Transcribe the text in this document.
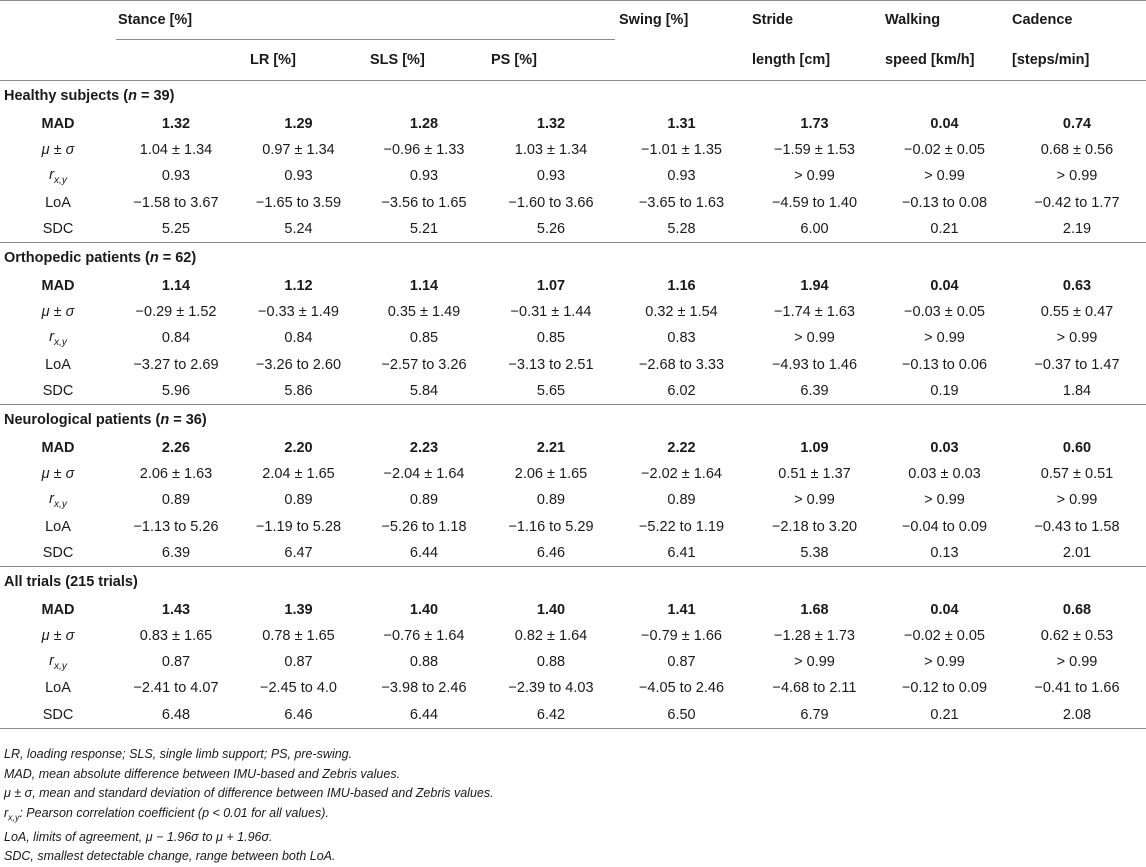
	Stance [%]				Swing [%]	Stride	Walking	Cadence
		LR [%]	SLS [%]	PS [%]		length [cm]	speed [km/h]	[steps/min]
Healthy subjects (n = 39)								
MAD	1.32	1.29	1.28	1.32	1.31	1.73	0.04	0.74
μ ± σ	1.04 ± 1.34	0.97 ± 1.34	−0.96 ± 1.33	1.03 ± 1.34	−1.01 ± 1.35	−1.59 ± 1.53	−0.02 ± 0.05	0.68 ± 0.56
$r_{x,y}$	0.93	0.93	0.93	0.93	0.93	> 0.99	> 0.99	> 0.99
LoA	−1.58 to 3.67	−1.65 to 3.59	−3.56 to 1.65	−1.60 to 3.66	−3.65 to 1.63	−4.59 to 1.40	−0.13 to 0.08	−0.42 to 1.77
SDC	5.25	5.24	5.21	5.26	5.28	6.00	0.21	2.19
Orthopedic patients (n = 62)								
MAD	1.14	1.12	1.14	1.07	1.16	1.94	0.04	0.63
μ ± σ	−0.29 ± 1.52	−0.33 ± 1.49	0.35 ± 1.49	−0.31 ± 1.44	0.32 ± 1.54	−1.74 ± 1.63	−0.03 ± 0.05	0.55 ± 0.47
$r_{x,y}$	0.84	0.84	0.85	0.85	0.83	> 0.99	> 0.99	> 0.99
LoA	−3.27 to 2.69	−3.26 to 2.60	−2.57 to 3.26	−3.13 to 2.51	−2.68 to 3.33	−4.93 to 1.46	−0.13 to 0.06	−0.37 to 1.47
SDC	5.96	5.86	5.84	5.65	6.02	6.39	0.19	1.84
Neurological patients (n = 36)								
MAD	2.26	2.20	2.23	2.21	2.22	1.09	0.03	0.60
μ ± σ	2.06 ± 1.63	2.04 ± 1.65	−2.04 ± 1.64	2.06 ± 1.65	−2.02 ± 1.64	0.51 ± 1.37	0.03 ± 0.03	0.57 ± 0.51
$r_{x,y}$	0.89	0.89	0.89	0.89	0.89	> 0.99	> 0.99	> 0.99
LoA	−1.13 to 5.26	−1.19 to 5.28	−5.26 to 1.18	−1.16 to 5.29	−5.22 to 1.19	−2.18 to 3.20	−0.04 to 0.09	−0.43 to 1.58
SDC	6.39	6.47	6.44	6.46	6.41	5.38	0.13	2.01
All trials (215 trials)								
MAD	1.43	1.39	1.40	1.40	1.41	1.68	0.04	0.68
μ ± σ	0.83 ± 1.65	0.78 ± 1.65	−0.76 ± 1.64	0.82 ± 1.64	−0.79 ± 1.66	−1.28 ± 1.73	−0.02 ± 0.05	0.62 ± 0.53
$r_{x,y}$	0.87	0.87	0.88	0.88	0.87	> 0.99	> 0.99	> 0.99
LoA	−2.41 to 4.07	−2.45 to 4.0	−3.98 to 2.46	−2.39 to 4.03	−4.05 to 2.46	−4.68 to 2.11	−0.12 to 0.09	−0.41 to 1.66
SDC	6.48	6.46	6.44	6.42	6.50	6.79	0.21	2.08
LR, loading response; SLS, single limb support; PS, pre-swing.
MAD, mean absolute difference between IMU-based and Zebris values.
μ ± σ, mean and standard deviation of difference between IMU-based and Zebris values.
$r_{x,y}$: Pearson correlation coefficient (p < 0.01 for all values).
LoA, limits of agreement, μ − 1.96σ to μ + 1.96σ.
SDC, smallest detectable change, range between both LoA.
